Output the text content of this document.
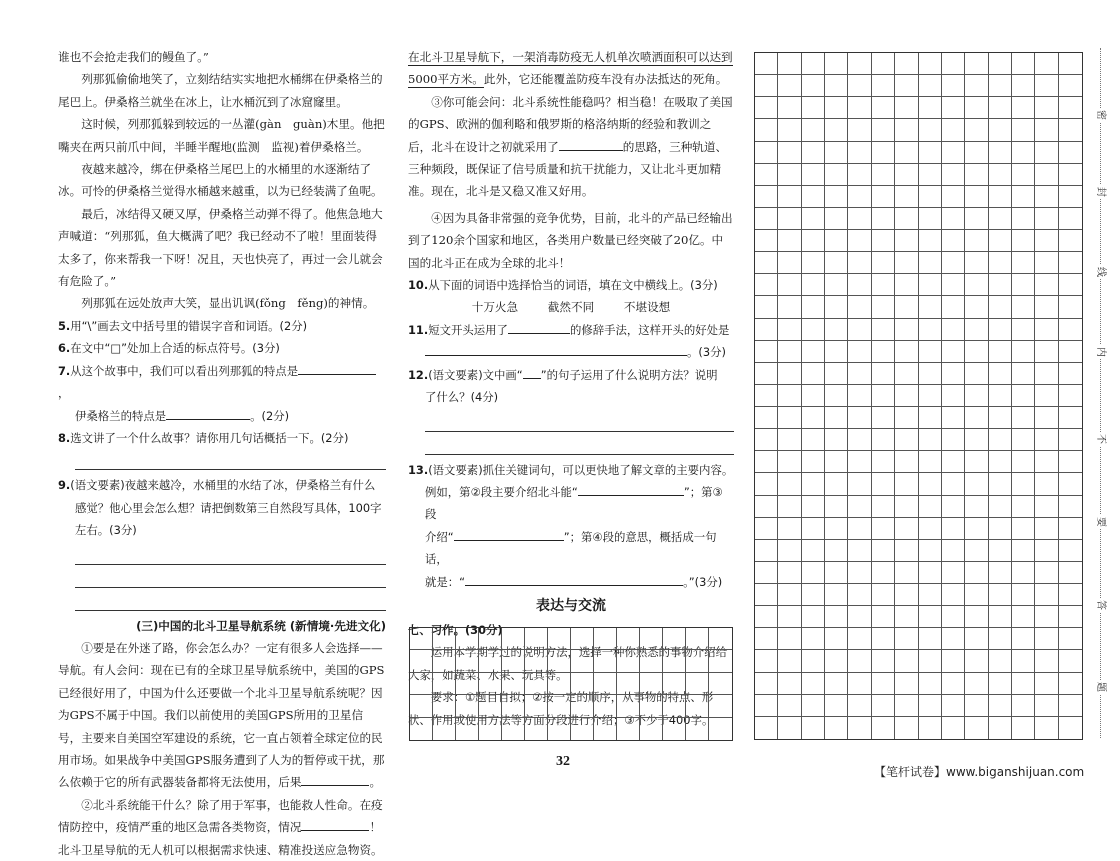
谁也不会抢走我们的鳗鱼了。”

列那狐偷偷地笑了，立刻结结实实地把水桶绑在伊桑格兰的尾巴上。伊桑格兰就坐在冰上，让水桶沉到了冰窟窿里。

这时候，列那狐躲到较远的一丛灌(gàn　guàn)木里。他把嘴夹在两只前爪中间，半睡半醒地(监测　监视)着伊桑格兰。

夜越来越冷，绑在伊桑格兰尾巴上的水桶里的水逐渐结了冰。可怜的伊桑格兰觉得水桶越来越重，以为已经装满了鱼呢。

最后，冰结得又硬又厚，伊桑格兰动弹不得了。他焦急地大声喊道：“列那狐，鱼大概满了吧？我已经动不了啦！里面装得太多了，你来帮我一下呀！况且，天也快亮了，再过一会儿就会有危险了。”

列那狐在远处放声大笑，显出讥讽(fǒng　fěng)的神情。

5.用“\”画去文中括号里的错误字音和词语。(2分)

6.在文中“□”处加上合适的标点符号。(3分)

7.从这个故事中，我们可以看出列那狐的特点是，

伊桑格兰的特点是	。(2分)

8.选文讲了一个什么故事？请你用几句话概括一下。(2分)

9.(语文要素)夜越来越冷，水桶里的水结了冰，伊桑格兰有什么

感觉？他心里会怎么想？请把倒数第三自然段写具体，100字

左右。(3分)

(三)中国的北斗卫星导航系统 (新情境·先进文化)

①要是在外迷了路，你会怎么办？一定有很多人会选择——导航。有人会问：现在已有的全球卫星导航系统中，美国的GPS已经很好用了，中国为什么还要做一个北斗卫星导航系统呢？因为GPS不属于中国。我们以前使用的美国GPS所用的卫星信号，主要来自美国空军建设的系统，它一直占领着全球定位的民用市场。如果战争中美国GPS服务遭到了人为的暂停或干扰，那么依赖于它的所有武器装备都将无法使用，后果	。

②北斗系统能干什么？除了用于军事，也能救人性命。在疫情防控中，疫情严重的地区急需各类物资，情况	！北斗卫星导航的无人机可以根据需求快速、精准投送应急物资。

在北斗卫星导航下，一架消毒防疫无人机单次喷洒面积可以达到5000平方米。此外，它还能覆盖防疫车没有办法抵达的死角。

③你可能会问：北斗系统性能稳吗？相当稳！在吸取了美国的GPS、欧洲的伽利略和俄罗斯的格洛纳斯的经验和教训之后，北斗在设计之初就采用了	的思路，三种轨道、三种频段，既保证了信号质量和抗干扰能力，又让北斗更加精准。现在，北斗是又稳又准又好用。

④因为具备非常强的竞争优势，目前，北斗的产品已经输出到了120余个国家和地区，各类用户数量已经突破了20亿。中国的北斗正在成为全球的北斗！

10.从下面的词语中选择恰当的词语，填在文中横线上。(3分)

十万火急	截然不同	不堪设想

11.短文开头运用了	的修辞手法，这样开头的好处是

。(3分)

12.(语文要素)文中画“ ”的句子运用了什么说明方法？说明

了什么？(4分)

13.(语文要素)抓住关键词句，可以更快地了解文章的主要内容。

例如，第②段主要介绍北斗能“	”；第③段

介绍“	”；第④段的意思，概括成一句话，

就是：“	。”(3分)

表达与交流

七、习作。(30分)

运用本学期学过的说明方法，选择一种你熟悉的事物介绍给大家，如蔬菜、水果、玩具等。

要求：①题目自拟；②按一定的顺序，从事物的特点、形状、作用或使用方法等方面分段进行介绍；③不少于400字。

密
封
线
内
不
要
答
题
32
【笔杆试卷】www.biganshijuan.com
